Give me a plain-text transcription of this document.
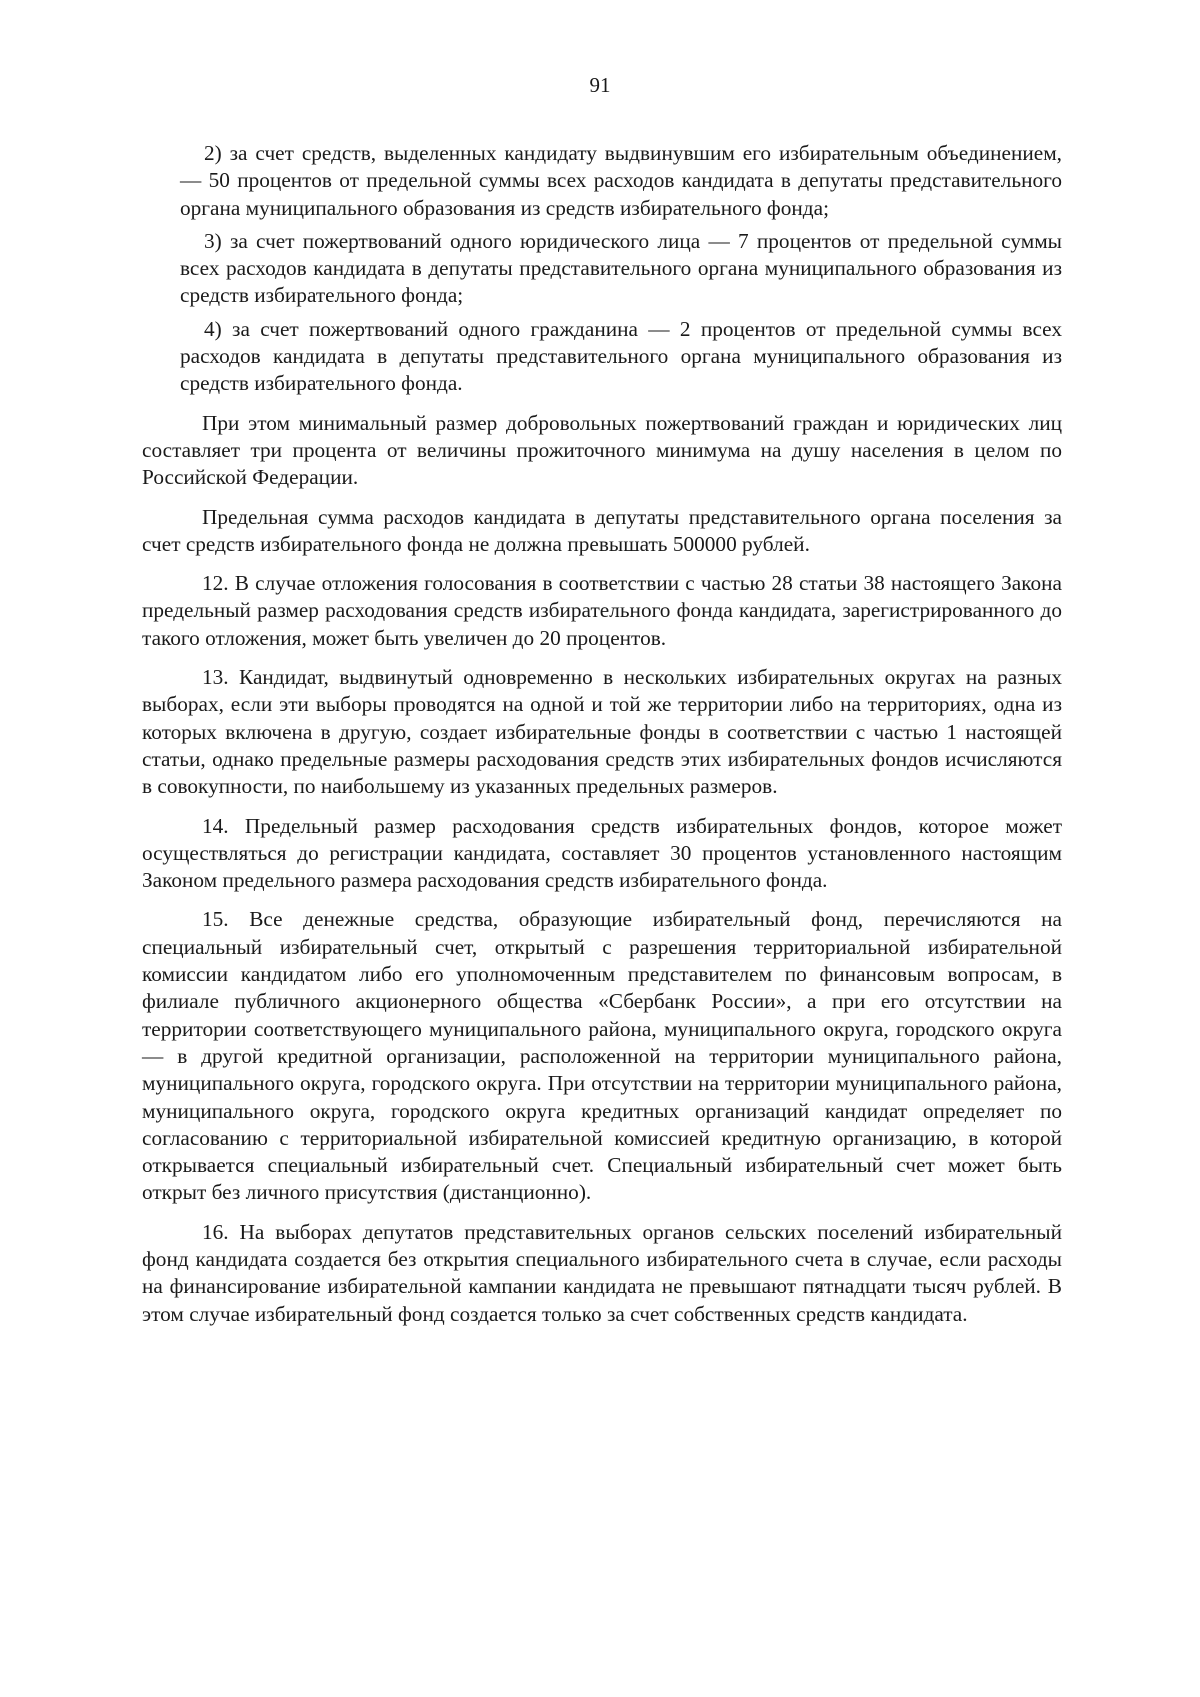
91

2) за счет средств, выделенных кандидату выдвинувшим его избирательным объединением, — 50 процентов от предельной суммы всех расходов кандидата в депутаты представительного органа муниципального образования из средств избирательного фонда;

3) за счет пожертвований одного юридического лица — 7 процентов от предельной суммы всех расходов кандидата в депутаты представительного органа муниципального образования из средств избирательного фонда;

4) за счет пожертвований одного гражданина — 2 процентов от предельной суммы всех расходов кандидата в депутаты представительного органа муниципального образования из средств избирательного фонда.

При этом минимальный размер добровольных пожертвований граждан и юридических лиц составляет три процента от величины прожиточного минимума на душу населения в целом по Российской Федерации.

Предельная сумма расходов кандидата в депутаты представительного органа поселения за счет средств избирательного фонда не должна превышать 500000 рублей.

12. В случае отложения голосования в соответствии с частью 28 статьи 38 настоящего Закона предельный размер расходования средств избирательного фонда кандидата, зарегистрированного до такого отложения, может быть увеличен до 20 процентов.

13. Кандидат, выдвинутый одновременно в нескольких избирательных округах на разных выборах, если эти выборы проводятся на одной и той же территории либо на территориях, одна из которых включена в другую, создает избирательные фонды в соответствии с частью 1 настоящей статьи, однако предельные размеры расходования средств этих избирательных фондов исчисляются в совокупности, по наибольшему из указанных предельных размеров.

14. Предельный размер расходования средств избирательных фондов, которое может осуществляться до регистрации кандидата, составляет 30 процентов установленного настоящим Законом предельного размера расходования средств избирательного фонда.

15. Все денежные средства, образующие избирательный фонд, перечисляются на специальный избирательный счет, открытый с разрешения территориальной избирательной комиссии кандидатом либо его уполномоченным представителем по финансовым вопросам, в филиале публичного акционерного общества «Сбербанк России», а при его отсутствии на территории соответствующего муниципального района, муниципального округа, городского округа — в другой кредитной организации, расположенной на территории муниципального района, муниципального округа, городского округа. При отсутствии на территории муниципального района, муниципального округа, городского округа кредитных организаций кандидат определяет по согласованию с территориальной избирательной комиссией кредитную организацию, в которой открывается специальный избирательный счет. Специальный избирательный счет может быть открыт без личного присутствия (дистанционно).

16. На выборах депутатов представительных органов сельских поселений избирательный фонд кандидата создается без открытия специального избирательного счета в случае, если расходы на финансирование избирательной кампании кандидата не превышают пятнадцати тысяч рублей. В этом случае избирательный фонд создается только за счет собственных средств кандидата.
